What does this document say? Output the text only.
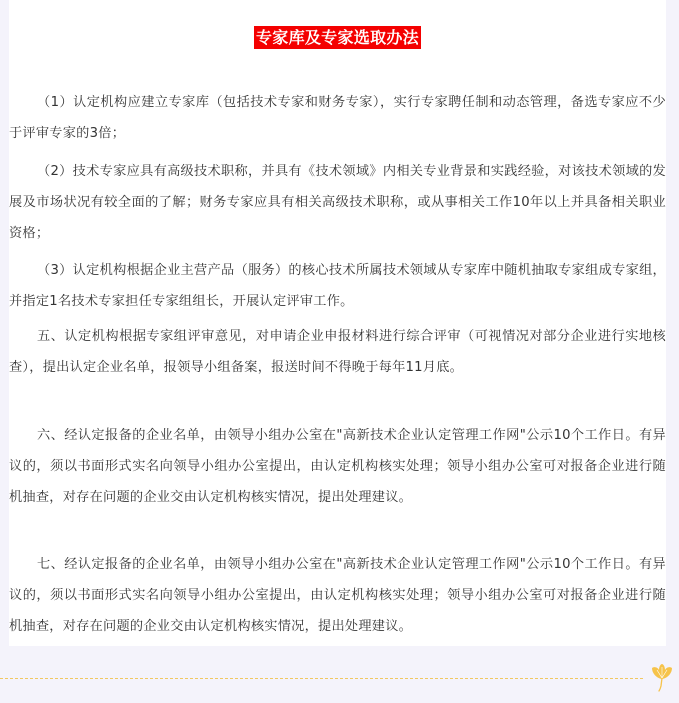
专家库及专家选取办法

（1）认定机构应建立专家库（包括技术专家和财务专家），实行专家聘任制和动态管理，备选专家应不少于评审专家的3倍；

（2）技术专家应具有高级技术职称，并具有《技术领域》内相关专业背景和实践经验，对该技术领域的发展及市场状况有较全面的了解；财务专家应具有相关高级技术职称，或从事相关工作10年以上并具备相关职业资格；

（3）认定机构根据企业主营产品（服务）的核心技术所属技术领域从专家库中随机抽取专家组成专家组，并指定1名技术专家担任专家组组长，开展认定评审工作。

五、认定机构根据专家组评审意见，对申请企业申报材料进行综合评审（可视情况对部分企业进行实地核查），提出认定企业名单，报领导小组备案，报送时间不得晚于每年11月底。

六、经认定报备的企业名单，由领导小组办公室在"高新技术企业认定管理工作网"公示10个工作日。有异议的，须以书面形式实名向领导小组办公室提出，由认定机构核实处理；领导小组办公室可对报备企业进行随机抽查，对存在问题的企业交由认定机构核实情况，提出处理建议。

七、经认定报备的企业名单，由领导小组办公室在"高新技术企业认定管理工作网"公示10个工作日。有异议的，须以书面形式实名向领导小组办公室提出，由认定机构核实处理；领导小组办公室可对报备企业进行随机抽查，对存在问题的企业交由认定机构核实情况，提出处理建议。
